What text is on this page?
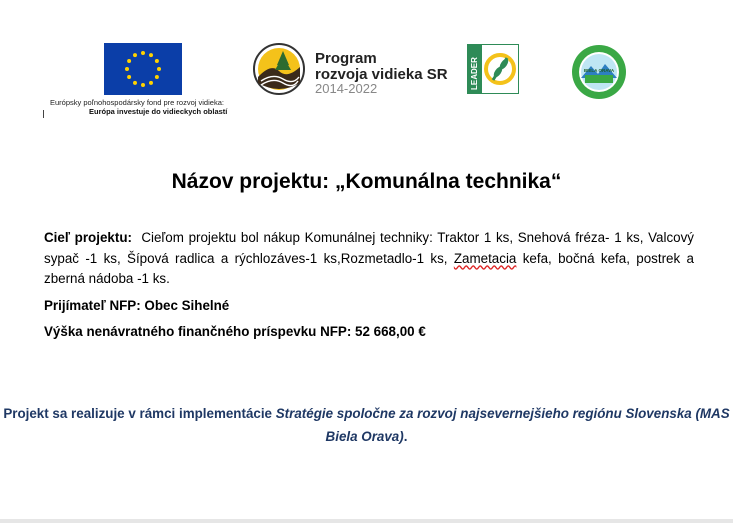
Európsky poľnohospodársky fond pre rozvoj vidieka:
Európa investuje do vidieckych oblastí
Program
rozvoja vidieka SR
2014-2022	LEADER	BIELA ORAVA
Názov projektu: „Komunálna technika“

Cieľ projektu: Cieľom projektu bol nákup Komunálnej techniky: Traktor 1 ks, Snehová fréza- 1 ks, Valcový sypač -1 ks, Šípová radlica a rýchlozáves-1 ks,Rozmetadlo-1 ks, Zametacia kefa, bočná kefa, postrek a zberná nádoba -1 ks.

Prijímateľ NFP: Obec Sihelné
Výška nenávratného finančného príspevku NFP: 52 668,00 €
Projekt sa realizuje v rámci implementácie Stratégie spoločne za rozvoj najsevernejšieho regiónu Slovenska (MAS Biela Orava).
